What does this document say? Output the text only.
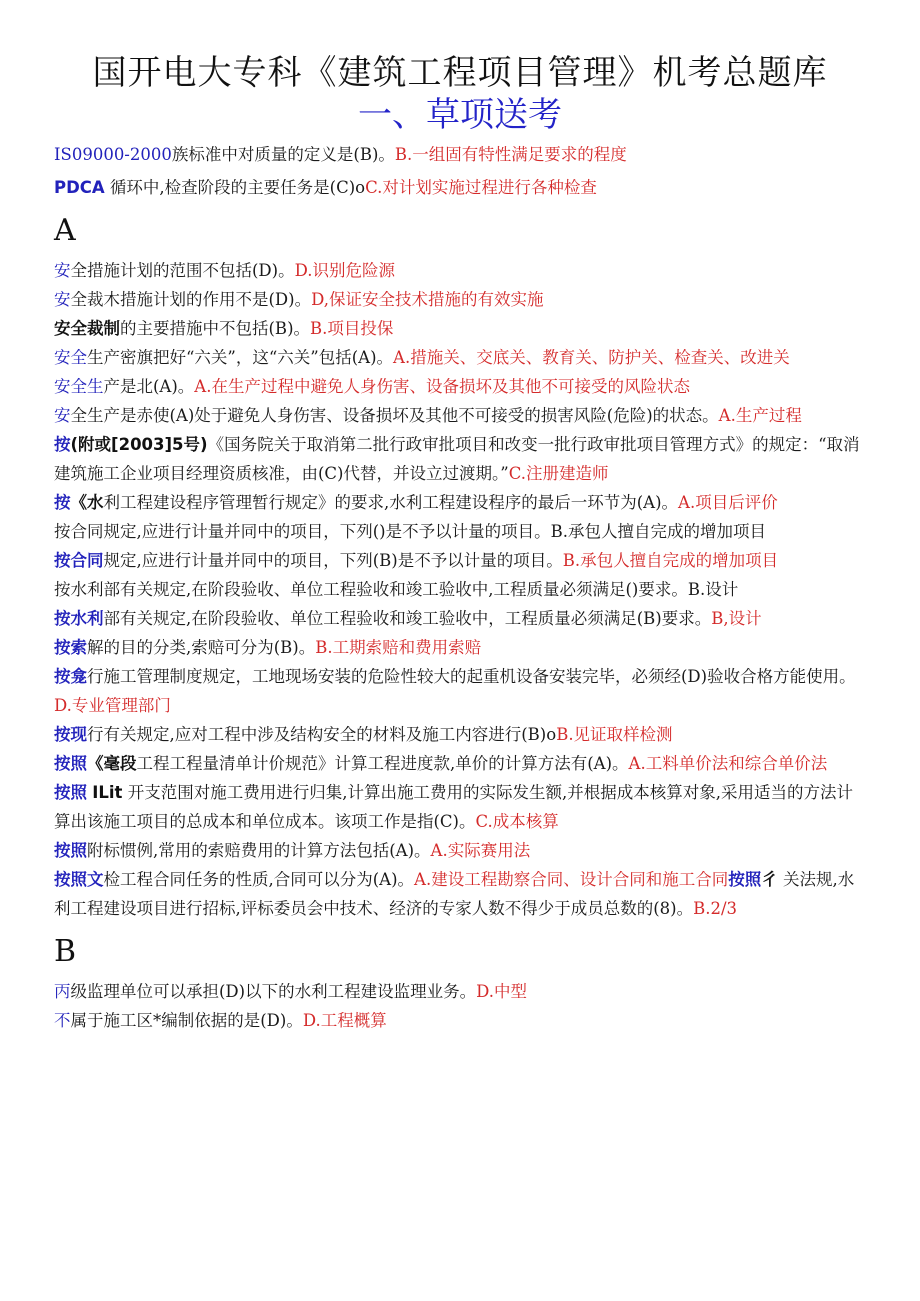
国开电大专科《建筑工程项目管理》机考总题库
一、草项送考

IS09000-2000族标准中对质量的定义是(B)。B.一组固有特性满足要求的程度

PDCA 循环中,检查阶段的主要任务是(C)oC.对计划实施过程进行各种检查

A

安全措施计划的范围不包括(D)。D.识别危险源

安全裁木措施计划的作用不是(D)。D,保证安全技术措施的有效实施

安全裁制的主要措施中不包括(B)。B.项目投保

安全生产密旗把好“六关”，这“六关”包括(A)。A.措施关、交底关、教育关、防护关、检查关、改进关

安全生产是北(A)。A.在生产过程中避免人身伤害、设备损坏及其他不可接受的风险状态

安全生产是赤使(A)处于避免人身伤害、设备损坏及其他不可接受的损害风险(危险)的状态。A.生产过程

按(附或[2003]5号)《国务院关于取消第二批行政审批项目和改变一批行政审批项目管理方式》的规定：“取消建筑施工企业项目经理资质核准，由(C)代替，并设立过渡期。”C.注册建造师

按《水利工程建设程序管理暂行规定》的要求,水利工程建设程序的最后一环节为(A)。A.项目后评价

按合同规定,应进行计量并同中的项目，下列()是不予以计量的项目。B.承包人擅自完成的增加项目

按合同规定,应进行计量并同中的项目，下列(B)是不予以计量的项目。B.承包人擅自完成的增加项目

按水利部有关规定,在阶段验收、单位工程验收和竣工验收中,工程质量必须满足()要求。B.设计

按水利部有关规定,在阶段验收、单位工程验收和竣工验收中，工程质量必须满足(B)要求。B,设计

按索解的目的分类,索赔可分为(B)。B.工期索赔和费用索赔

按龛行施工管理制度规定，工地现场安装的危险性较大的起重机设备安装完毕，必须经(D)验收合格方能使用。D.专业管理部门

按现行有关规定,应对工程中涉及结构安全的材料及施工内容进行(B)oB.见证取样检测

按照《毫段工程工程量清单计价规范》计算工程进度款,单价的计算方法有(A)。A.工料单价法和综合单价法

按照 ILit 开支范围对施工费用进行归集,计算出施工费用的实际发生额,并根据成本核算对象,采用适当的方法计算出该施工项目的总成本和单位成本。该项工作是指(C)。C.成本核算

按照附标惯例,常用的索赔费用的计算方法包括(A)。A.实际赛用法

按照文检工程合同任务的性质,合同可以分为(A)。A.建设工程勘察合同、设计合同和施工合同按照彳 关法规,水利工程建设项目进行招标,评标委员会中技术、经济的专家人数不得少于成员总数的(8)。B.2/3

B

丙级监理单位可以承担(D)以下的水利工程建设监理业务。D.中型

不属于施工区*编制依据的是(D)。D.工程概算
